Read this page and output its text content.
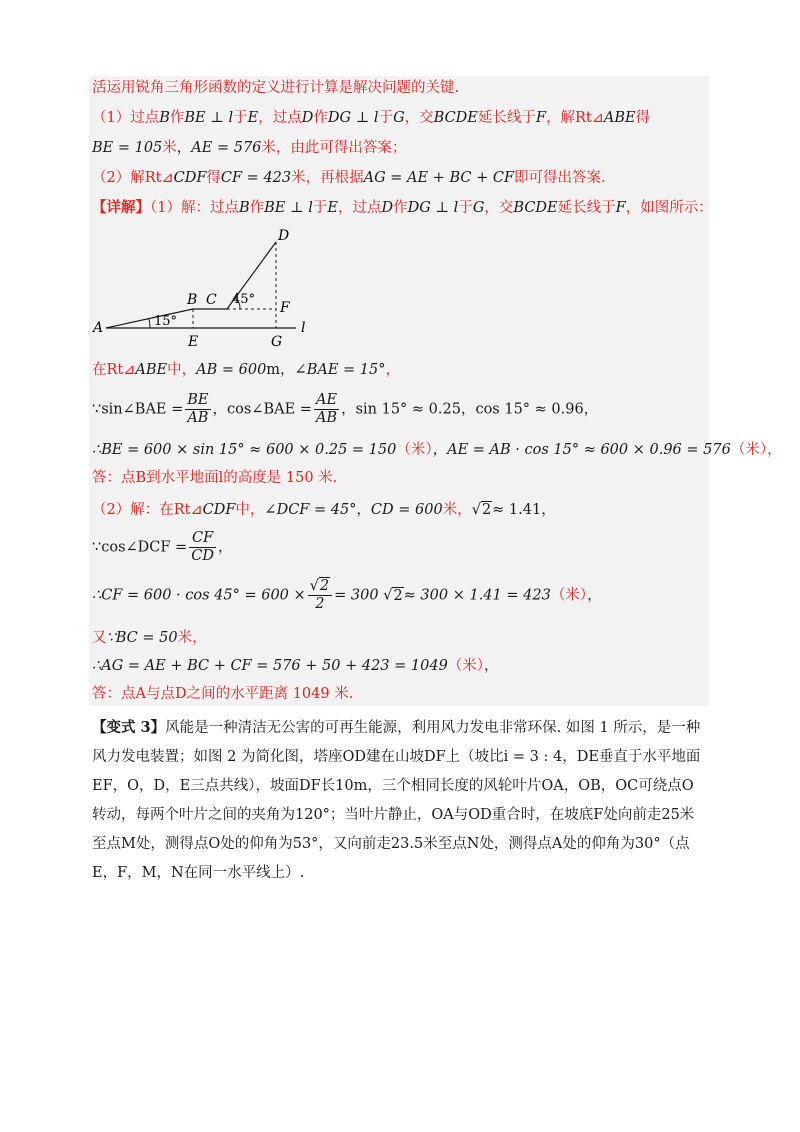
活运用锐角三角形函数的定义进行计算是解决问题的关键.
（1）过点B作BE ⊥ l于E，过点D作DG ⊥ l于G，交BCDE延长线于F，解Rt⊿ABE得
BE = 105米，AE = 576米，由此可得出答案；
（2）解Rt⊿CDF得CF = 423米，再根据AG = AE + BC + CF即可得出答案.
【详解】（1）解：过点B作BE ⊥ l于E，过点D作DG ⊥ l于G，交BCDE延长线于F，如图所示：
A
B C
D
E
F
G
l
15°
45°
在Rt⊿ABE中，AB = 600m，∠BAE = 15°，
∵sin∠BAE = $\frac{BE}{AB}$ ，cos∠BAE = $\frac{AE}{AB}$ ，sin 15° ≈ 0.25，cos 15° ≈ 0.96，
∴BE = 600 × sin 15° ≈ 600 × 0.25 = 150（米），AE = AB · cos 15° ≈ 600 × 0.96 = 576（米），
答：点B到水平地面l的高度是 150 米.
（2）解：在Rt⊿CDF中，∠DCF = 45°，CD = 600米，√2≈ 1.41，
∵cos∠DCF = $\frac{CF}{CD}$ ，
∴CF = $600 \cdot \cos 45^\circ = 600 \times \frac{√2}{2} = 300$ √2≈ 300 × 1.41 = 423（米），
又∵BC = 50米，
∴AG = AE + BC + CF = 576 + 50 + 423 = 1049（米），
答：点A与点D之间的水平距离 1049 米.
【变式 3】风能是一种清洁无公害的可再生能源，利用风力发电非常环保. 如图 1 所示，是一种风力发电装置；如图 2 为简化图，塔座OD建在山坡DF上（坡比i = 3 : 4，DE垂直于水平地面EF，O，D，E三点共线），坡面DF长10m，三个相同长度的风轮叶片OA，OB，OC可绕点O转动，每两个叶片之间的夹角为120°；当叶片静止，OA与OD重合时，在坡底F处向前走25米至点M处，测得点O处的仰角为53°，又向前走23.5米至点N处，测得点A处的仰角为30°（点E，F，M，N在同一水平线上）.
